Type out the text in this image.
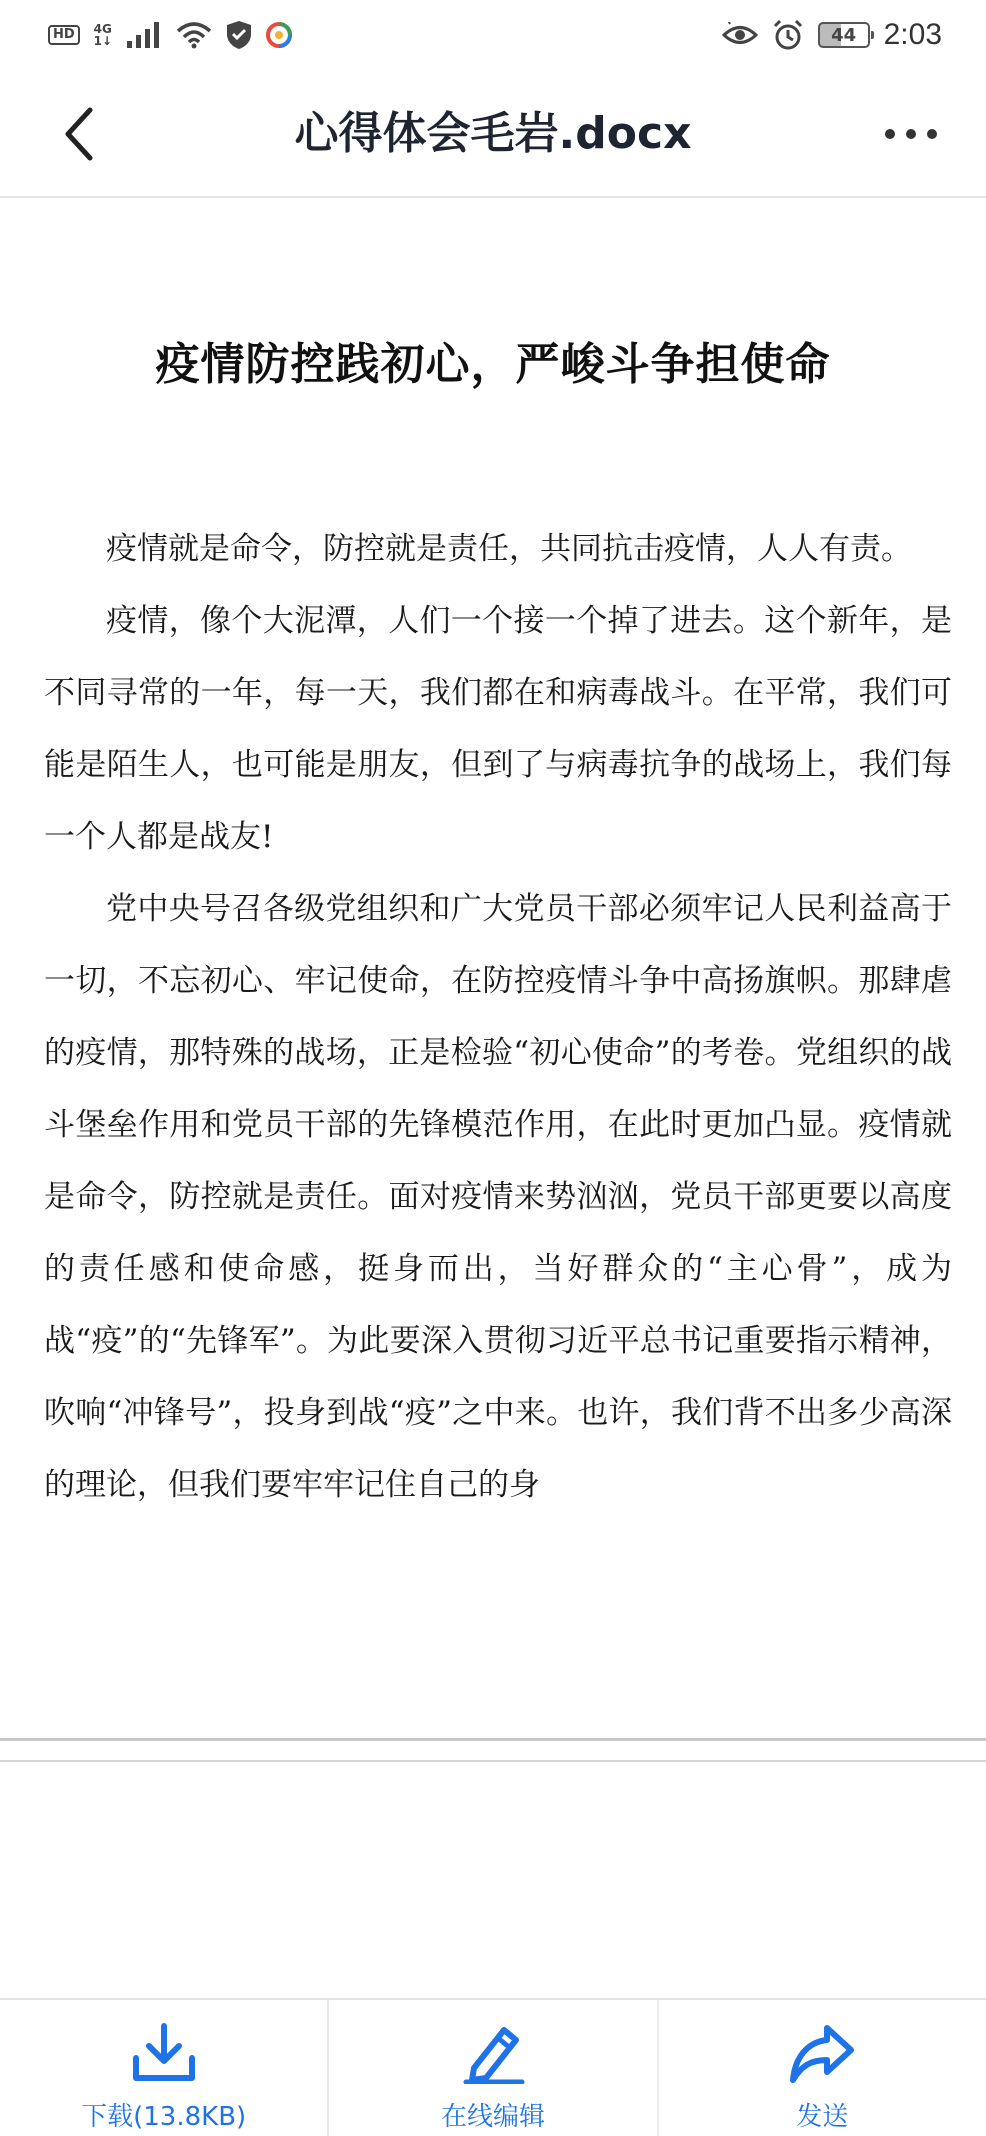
HD	4G
1↓	44 2:03
心得体会毛岩.docx
疫情防控践初心，严峻斗争担使命

疫情就是命令，防控就是责任，共同抗击疫情，人人有责。

疫情，像个大泥潭，人们一个接一个掉了进去。这个新年，是不同寻常的一年，每一天，我们都在和病毒战斗。在平常，我们可能是陌生人，也可能是朋友，但到了与病毒抗争的战场上，我们每一个人都是战友!

党中央号召各级党组织和广大党员干部必须牢记人民利益高于一切，不忘初心、牢记使命，在防控疫情斗争中高扬旗帜。那肆虐的疫情，那特殊的战场，正是检验“初心使命”的考卷。党组织的战斗堡垒作用和党员干部的先锋模范作用，在此时更加凸显。疫情就是命令，防控就是责任。面对疫情来势汹汹，党员干部更要以高度的责任感和使命感，挺身而出，当好群众的“主心骨”，成为战“疫”的“先锋军”。为此要深入贯彻习近平总书记重要指示精神，吹响“冲锋号”，投身到战“疫”之中来。也许，我们背不出多少高深的理论，但我们要牢牢记住自己的身

下载(13.8KB)	在线编辑	发送
